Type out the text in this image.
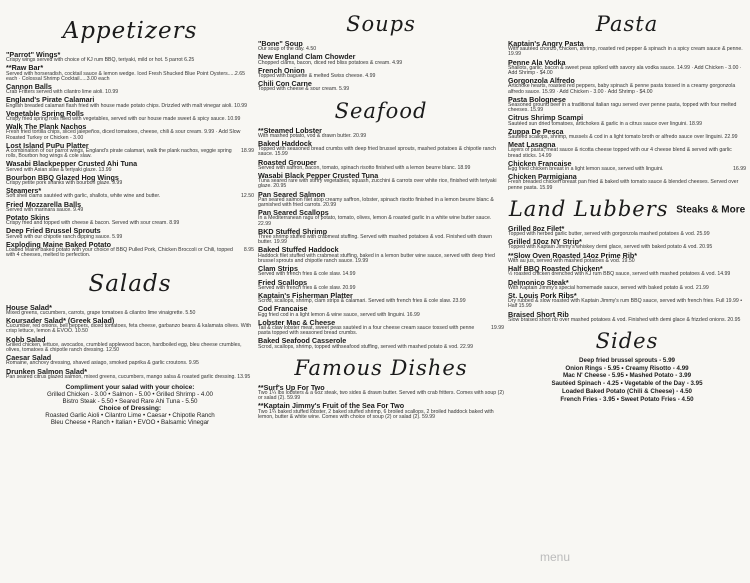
Appetizers
"Parrot" Wings*
Crispy wings served with choice of KJ rum BBQ, teriyaki, mild or hot. 5 parrot 6.25
**Raw Bar*
Served with horseradish, cocktail sauce & lemon wedge. Iced Fresh Shucked Blue Point Oysters.....2.65 each · Colossal Shrimp Cocktail.....3.00 each
Cannon Balls
Crab Fritters served with cilantro lime aioli. 10.99
England's Pirate Calamari
English breaded calamari flash fried with house made potato chips. Drizzled with malt vinegar aioli. 10.99
Vegetable Spring Rolls
Crispy fried spring rolls filled with vegetables, served with our house made sweet & spicy sauce. 10.99
Walk The Plank Nachos
Fresh fried tortilla chips, sliced jalepeños, diced tomatoes, cheese, chili & sour cream. 9.99 · Add Slow Roasted Turkey or Chicken - 3.00
Lost Island PuPu Platter
18.99
A combination of our parrot wings, England's pirate calamari, walk the plank nachos, veggie spring rolls, Bourbon hog wings & cole slaw.
Wasabi Blackpepper Crusted Ahi Tuna
Served with Asian slaw & teriyaki glaze. 13.99
Bourbon BBQ Glazed Hog Wings
Crispy petite pork shanks with bourbon glaze. 9.99
Steamers*
12.50
Soft shell clams sautéed with garlic, shallots, white wine and butter.
Fried Mozzarella Balls
Served with marinara sauce. 9.49
Potato Skins
Crispy fried and topped with cheese & bacon. Served with sour cream. 8.99
Deep Fried Brussel Sprouts
Served with our chipotle ranch dipping sauce. 5.99
Exploding Maine Baked Potato
8.95
Loaded Maine baked potato with your choice of BBQ Pulled Pork, Chicken Broccoli or Chili, topped with 4 cheeses, melted to perfection.
Salads
House Salad*
Mixed greens, cucumbers, carrots, grape tomatoes & cilantro lime vinaigrette. 5.50
Koursader Salad* (Greek Salad)
Cucumber, red onions, bell peppers, diced tomatoes, feta cheese, garbanzo beans & kalamata olives. With crisp lettuce, lemon & EVOO. 10.50
Kobb Salad
Grilled chicken, lettuce, avocados, crumbled applewood bacon, hardboiled egg, bleu cheese crumbles, olives, tomatoes & chipotle ranch dressing. 12.50
Caesar Salad
Romaine, anchovy dressing, shaved asiago, smoked paprika & garlic croutons. 9.95
Drunken Salmon Salad*
Pan seared citrus glazed salmon, mixed greens, cucumbers, mango salsa & roasted garlic dressing. 13.95
Compliment your salad with your choice:
Grilled Chicken - 3.00 • Salmon - 5.00 • Grilled Shrimp - 4.00
Bistro Steak - 5.50 • Seared Rare Ahi Tuna - 5.50
Choice of Dressing:
Roasted Garlic Aioli • Cilantro Lime • Caesar • Chipotle Ranch
Bleu Cheese • Ranch • Italian • EVOO • Balsamic Vinegar
Soups
"Bone" Soup
Our soup of the day. 4.50
New England Clam Chowder
Chopped clams, bacon, diced red bliss potatoes & cream. 4.99
French Onion
Topped with baguette & melted Swiss cheese. 4.99
Chili Con Carne
Topped with cheese & sour cream. 5.99
Seafood
**Steamed Lobster
With mashed potato, vod & drawn butter. 20.99
Baked Haddock
Topped with seasoned bread crumbs with deep fried brussel sprouts, mashed potatoes & chipotle ranch sauce. 15.99
Roasted Grouper
Served with saffron, bacon, tomato, spinach risotto finished with a lemon beurre blanc. 18.99
Wasabi Black Pepper Crusted Tuna
Tuna seared rare with stirfry vegetables, squash, zucchini & carrots over white rice, finished with teriyaki glaze. 20.95
Pan Seared Salmon
Pan seared salmon filet atop creamy saffron, lobster, spinach risotto finished in a lemon beurre blanc & garnished with fried carrots. 20.99
Pan Seared Scallops
In a Mediterranean ragu of potato, tomato, olives, lemon & roasted garlic in a white wine butter sauce. 22.99
BKD Stuffed Shrimp
Three shrimp stuffed with crabmeat stuffing. Served with mashed potatoes & vod. Finished with drawn butter. 19.99
Baked Stuffed Haddock
Haddock filet stuffed with crabmeat stuffing, baked in a lemon butter wine sauce, served with deep fried brussel sprouts and chipotle ranch sauce. 19.99
Clam Strips
Served with french fries & cole slaw. 14.99
Fried Scallops
Served with french fries & cole slaw. 20.99
Kaptain's Fisherman Platter
Scrod, scallops, shrimp, clam strips & calamari. Served with french fries & cole slaw. 23.99
Cod Francaise
Egg fried cod in a light lemon & wine sauce, served with linguini. 16.99
Lobster Mac & Cheese
19.99
Tail & claw lobster meat, sweet peas sautéed in a four cheese cream sauce tossed with penne pasta topped with seasoned bread crumbs.
Baked Seafood Casserole
Scrod, scallops, shrimp, topped withseafood stuffing, served with mashed potato & vod. 22.99
Famous Dishes
**Surf's Up For Two
Two 1¼ lbs lobsters & a 6oz steak, two sides & drawn butter. Served with crab fritters. Comes with soup (2) or salad (2). 59.99
**Kaptain Jimmy's Fruit of the Sea For Two
Two 1¼ baked stuffed lobster, 2 baked stuffed shrimp, 6 broiled scallops, 2 broiled haddock baked with lemon, butter & white wine. Comes with choice of soup (2) or salad (2). 59.99
Pasta
Kaptain's Angry Pasta
With sautéed chorizo, chicken, shrimp, roasted red pepper & spinach in a spicy cream sauce & penne. 19.99
Penne Ala Vodka
Shallots, garlic, bacon & sweet peas spiked with savory ala vodka sauce. 14.99 · Add Chicken - 3.00 · Add Shrimp - $4.00
Gorgonzola Alfredo
Artichoke hearts, roasted red peppers, baby spinach & penne pasta tossed in a creamy gorgonzola alfredo sauce. 15.99 · Add Chicken - 3.00 · Add Shrimp - $4.00
Pasta Bolognese
Seasoned ground beef in a traditional italian ragu served over penne pasta, topped with four melted cheeses. 15.99
Citrus Shrimp Scampi
Sautéed sun dried tomatoes, artichokes & garlic in a citrus sauce over linguini. 18.99
Zuppa De Pesca
Sautéed scallops, shrimp, mussels & cod in a light tomato broth or alfredo sauce over linguini. 22.99
Meat Lasagna
Layers of pasta, meat sauce & ricotta cheese topped with our 4 cheese blend & served with garlic bread sticks. 14.99
Chicken Francaise
16.99
Egg fried chicken breast in a light lemon sauce, served with linguini.
Chicken Parmigiana
Fresh breaded chicken breast pan fried & baked with tomato sauce & blended cheeses. Served over penne pasta. 15.99
Land Lubbers Steaks & More
Grilled 8oz Filet*
Topped with herbed garlic butter, served with gorgonzola mashed potatoes & vod. 25.99
Grilled 10oz NY Strip*
Topped with Kaptain Jimmy's whiskey demi glace, served with baked potato & vod. 20.95
**Slow Oven Roasted 14oz Prime Rib*
With au jus, served with mashed potatoes & vod. 19.50
Half BBQ Roasted Chicken*
½ roasted chicken drenched with KJ rum BBQ sauce, served with mashed potatoes & vod. 14.99
Delmonico Steak*
With Kaptain Jimmy's special homemade sauce, served with baked potato & vod. 21.99
St. Louis Pork Ribs*
Dry rubbed & slow roasted with Kaptain Jimmy's rum BBQ sauce, served with french fries. Full 19.99 • Half 15.99
Braised Short Rib
Slow braised short rib over mashed potatoes & vod. Finished with demi glace & frizzled onions. 20.95
Sides
Deep fried brussel sprouts - 5.99
Onion Rings - 5.95 • Creamy Risotto - 4.99
Mac N' Cheese - 5.95 • Mashed Potato - 3.99
Sautéed Spinach - 4.25 • Vegetable of the Day - 3.95
Loaded Baked Potato (Chili & Cheese) - 4.50
French Fries - 3.95 • Sweet Potato Fries - 4.50
menu
